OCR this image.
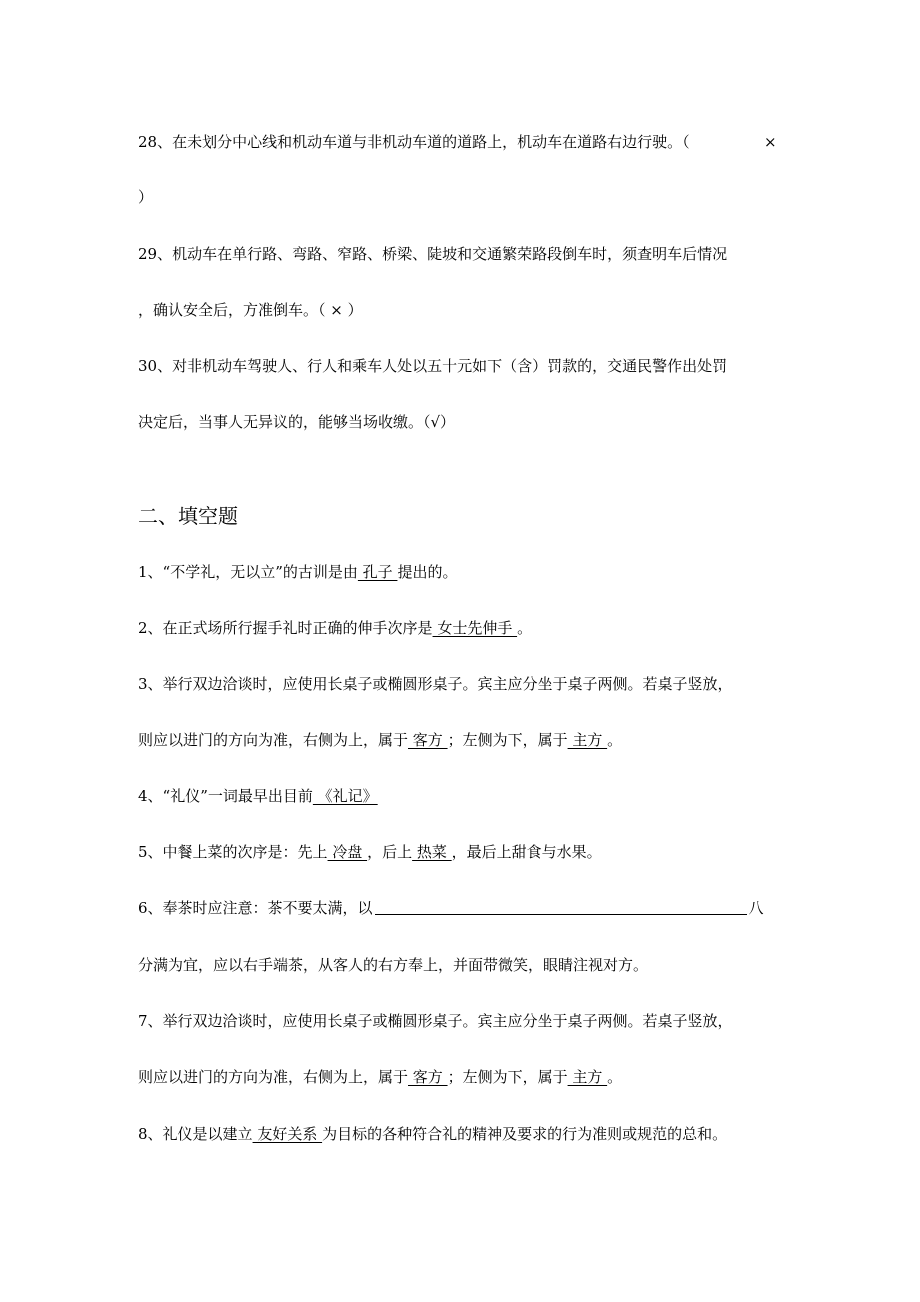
28、在未划分中心线和机动车道与非机动车道的道路上，机动车在道路右边行驶。（	×
）
29、机动车在单行路、弯路、窄路、桥梁、陡坡和交通繁荣路段倒车时，须查明车后情况
，确认安全后，方准倒车。（ × ）
30、对非机动车驾驶人、行人和乘车人处以五十元如下（含）罚款的，交通民警作出处罚
决定后，当事人无异议的，能够当场收缴。（√）
二、填空题
1、“不学礼，无以立”的古训是由 孔子 提出的。
2、在正式场所行握手礼时正确的伸手次序是 女士先伸手 。
3、举行双边洽谈时，应使用长桌子或椭圆形桌子。宾主应分坐于桌子两侧。若桌子竖放，
则应以进门的方向为准，右侧为上，属于 客方 ；左侧为下，属于 主方 。
4、“礼仪”一词最早出目前 《礼记》
5、中餐上菜的次序是：先上 冷盘 ，后上 热菜 ，最后上甜食与水果。
6、奉茶时应注意：茶不要太满，以	八
分满为宜，应以右手端茶，从客人的右方奉上，并面带微笑，眼睛注视对方。
7、举行双边洽谈时，应使用长桌子或椭圆形桌子。宾主应分坐于桌子两侧。若桌子竖放，
则应以进门的方向为准，右侧为上，属于 客方 ；左侧为下，属于 主方 。
8、礼仪是以建立 友好关系 为目标的各种符合礼的精神及要求的行为准则或规范的总和。
